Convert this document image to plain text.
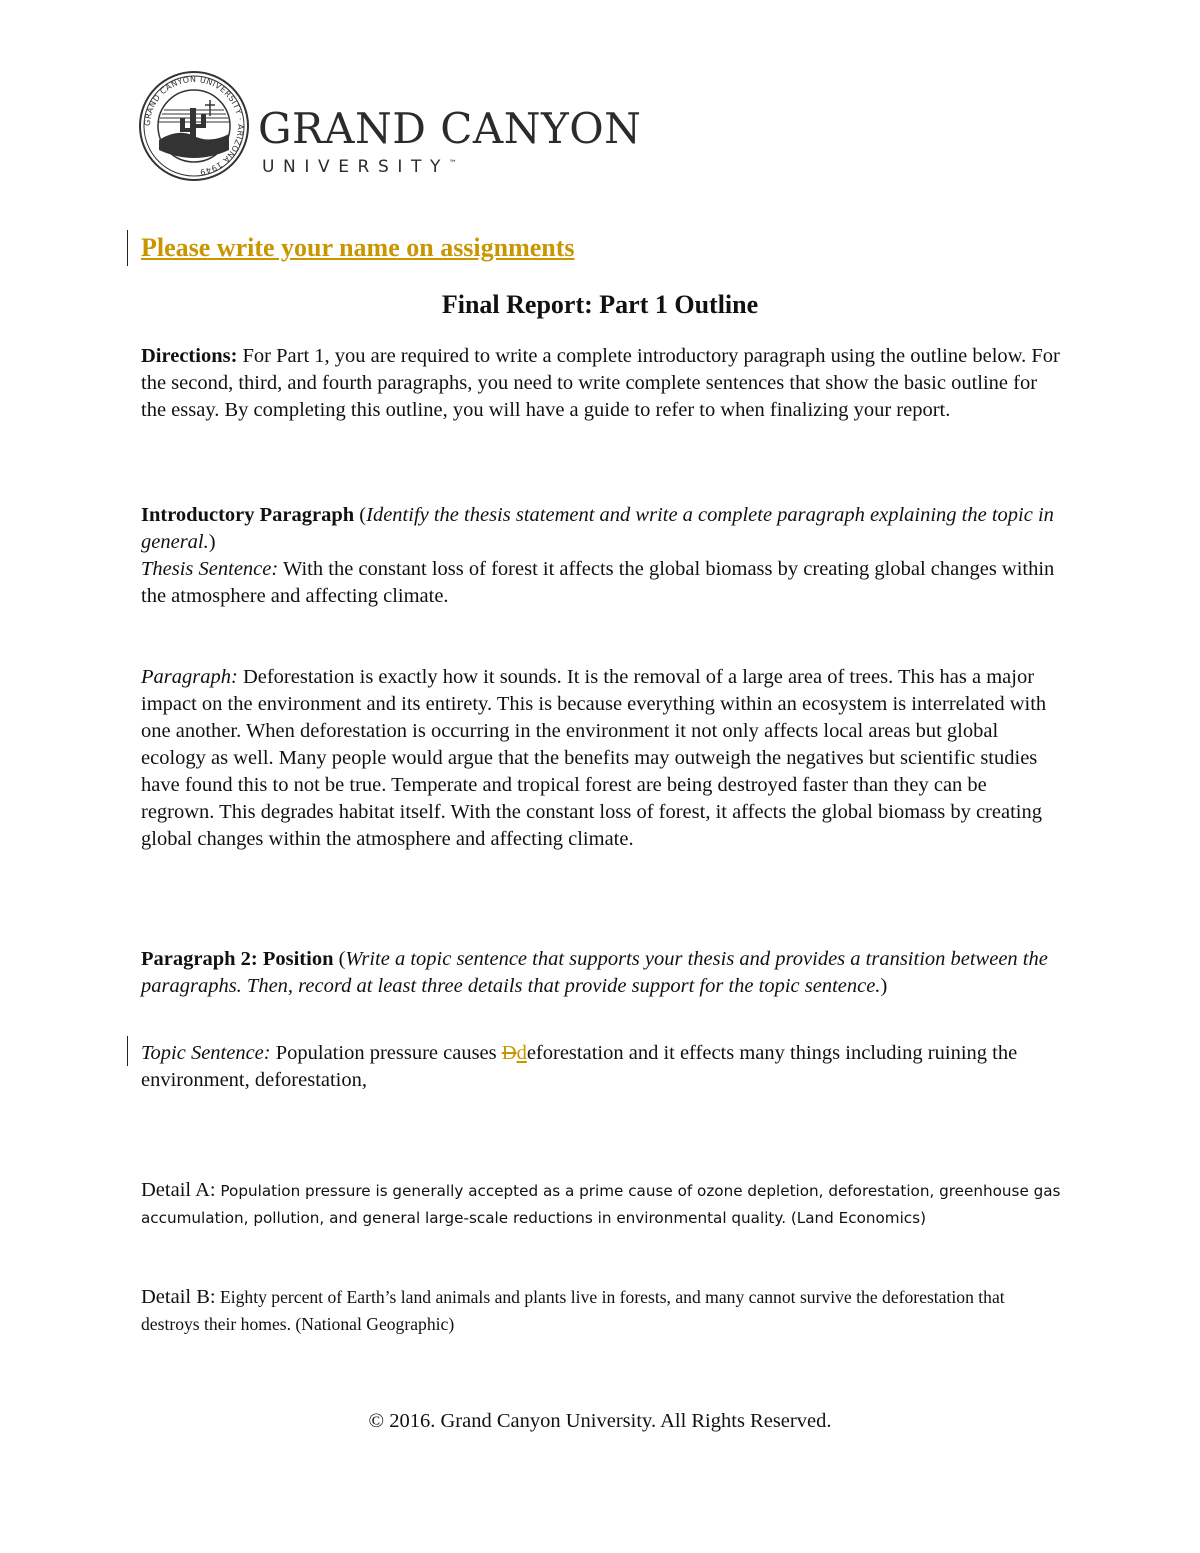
GRAND CANYON UNIVERSITY · ARIZONA 1949
GRAND CANYON
UNIVERSITY™
Please write your name on assignments
Final Report: Part 1 Outline
Directions: For Part 1, you are required to write a complete introductory paragraph using the outline below. For the second, third, and fourth paragraphs, you need to write complete sentences that show the basic outline for the essay. By completing this outline, you will have a guide to refer to when finalizing your report.
Introductory Paragraph (Identify the thesis statement and write a complete paragraph explaining the topic in general.)
Thesis Sentence: With the constant loss of forest it affects the global biomass by creating global changes within the atmosphere and affecting climate.
Paragraph: Deforestation is exactly how it sounds. It is the removal of a large area of trees. This has a major impact on the environment and its entirety. This is because everything within an ecosystem is interrelated with one another. When deforestation is occurring in the environment it not only affects local areas but global ecology as well. Many people would argue that the benefits may outweigh the negatives but scientific studies have found this to not be true. Temperate and tropical forest are being destroyed faster than they can be regrown. This degrades habitat itself. With the constant loss of forest, it affects the global biomass by creating global changes within the atmosphere and affecting climate.
Paragraph 2: Position (Write a topic sentence that supports your thesis and provides a transition between the paragraphs. Then, record at least three details that provide support for the topic sentence.)
Topic Sentence: Population pressure causes Ddeforestation and it effects many things including ruining the environment, deforestation,
Detail A: Population pressure is generally accepted as a prime cause of ozone depletion, deforestation, greenhouse gas accumulation, pollution, and general large-scale reductions in environmental quality. (Land Economics)
Detail B: Eighty percent of Earth’s land animals and plants live in forests, and many cannot survive the deforestation that destroys their homes. (National Geographic)
© 2016. Grand Canyon University. All Rights Reserved.
